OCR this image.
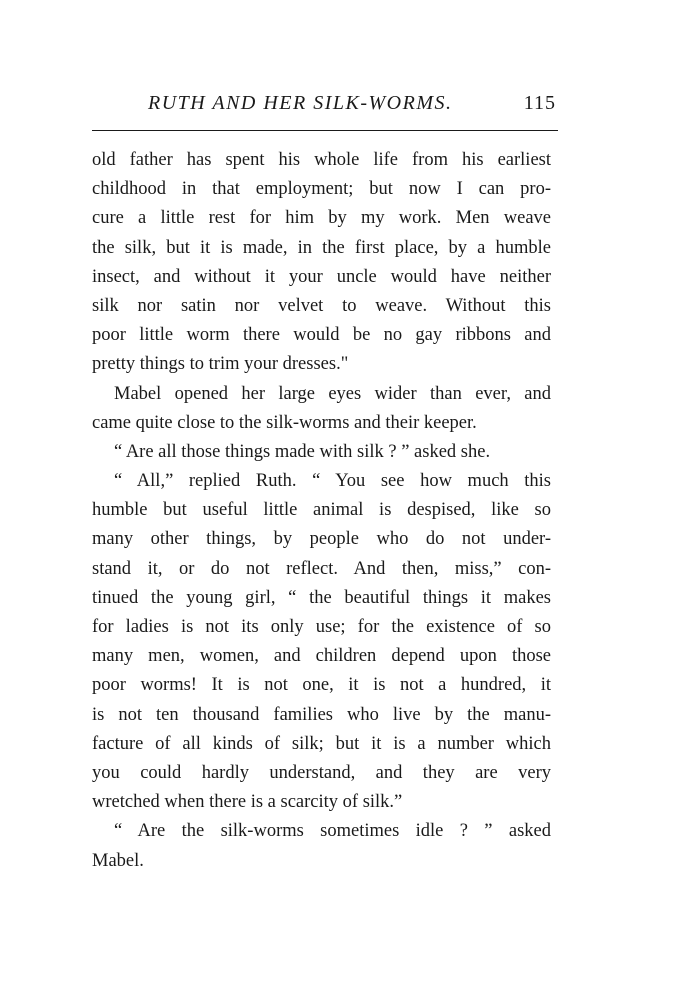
RUTH AND HER SILK-WORMS.	115
old father has spent his whole life from his earliest
childhood in that employment; but now I can pro-
cure a little rest for him by my work. Men weave
the silk, but it is made, in the first place, by a humble
insect, and without it your uncle would have neither
silk nor satin nor velvet to weave. Without this
poor little worm there would be no gay ribbons and
pretty things to trim your dresses."
Mabel opened her large eyes wider than ever, and
came quite close to the silk-worms and their keeper.
“ Are all those things made with silk ? ” asked she.
“ All,” replied Ruth. “ You see how much this
humble but useful little animal is despised, like so
many other things, by people who do not under-
stand it, or do not reflect. And then, miss,” con-
tinued the young girl, “ the beautiful things it makes
for ladies is not its only use; for the existence of so
many men, women, and children depend upon those
poor worms! It is not one, it is not a hundred, it
is not ten thousand families who live by the manu-
facture of all kinds of silk; but it is a number which
you could hardly understand, and they are very
wretched when there is a scarcity of silk.”
“ Are the silk-worms sometimes idle ? ” asked
Mabel.
